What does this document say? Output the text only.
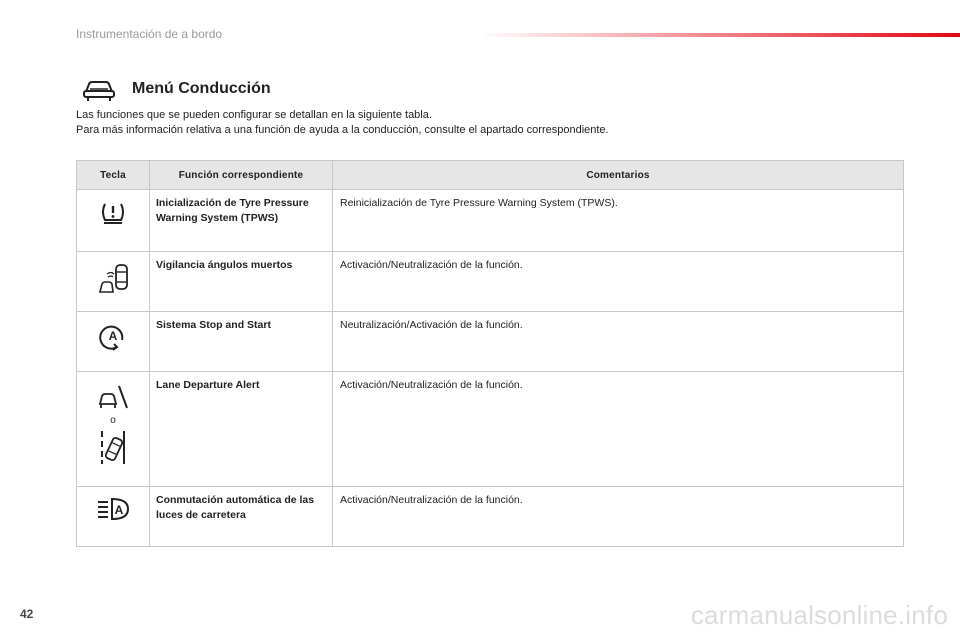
Instrumentación de a bordo
Menú Conducción

Las funciones que se pueden configurar se detallan en la siguiente tabla.

Para más información relativa a una función de ayuda a la conducción, consulte el apartado correspondiente.

Tecla	Función correspondiente	Comentarios
	Inicialización de Tyre Pressure Warning System (TPWS)	Reinicialización de Tyre Pressure Warning System (TPWS).
	Vigilancia ángulos muertos	Activación/Neutralización de la función.

A	Sistema Stop and Start	Neutralización/Activación de la función.

o	Lane Departure Alert	Activación/Neutralización de la función.

A	Conmutación automática de las luces de carretera	Activación/Neutralización de la función.
42	carmanualsonline.info
